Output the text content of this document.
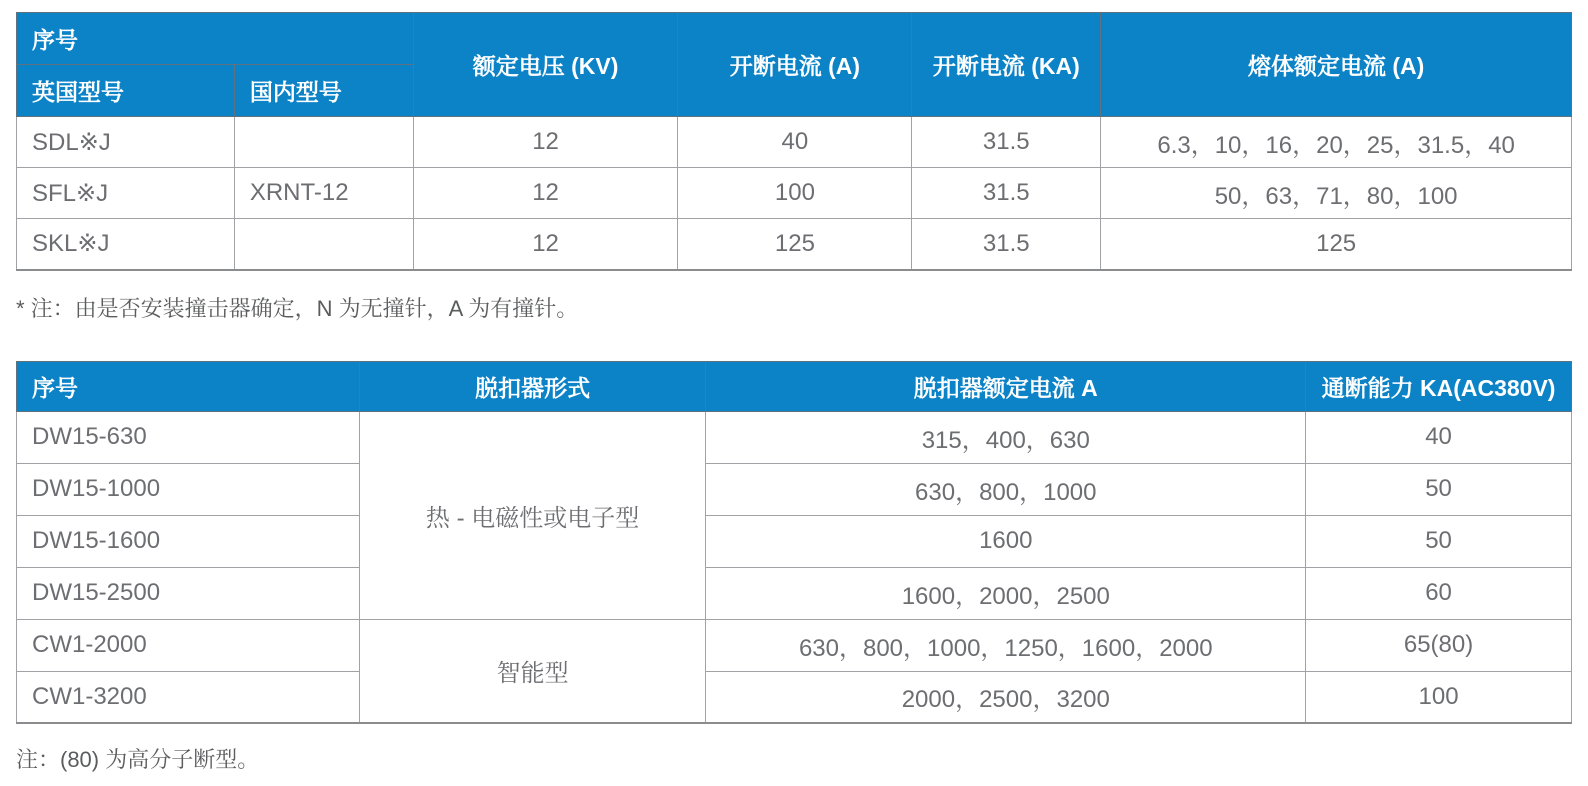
序号		额定电压 (KV)	开断电流 (A)	开断电流 (KA)	熔体额定电流 (A)
英国型号	国内型号				
SDL※J		12	40	31.5	6.3，10，16，20，25，31.5，40
SFL※J	XRNT-12	12	100	31.5	50，63，71，80，100
SKL※J		12	125	31.5	125

* 注：由是否安装撞击器确定，N 为无撞针，A 为有撞针。

序号	脱扣器形式	脱扣器额定电流 A	通断能力 KA(AC380V)
DW15-630	热 - 电磁性或电子型	315，400，630	40
DW15-1000		630，800，1000	50
DW15-1600		1600	50
DW15-2500		1600，2000，2500	60
CW1-2000	智能型	630，800，1000，1250，1600，2000	65(80)
CW1-3200		2000，2500，3200	100

注：(80) 为高分子断型。
